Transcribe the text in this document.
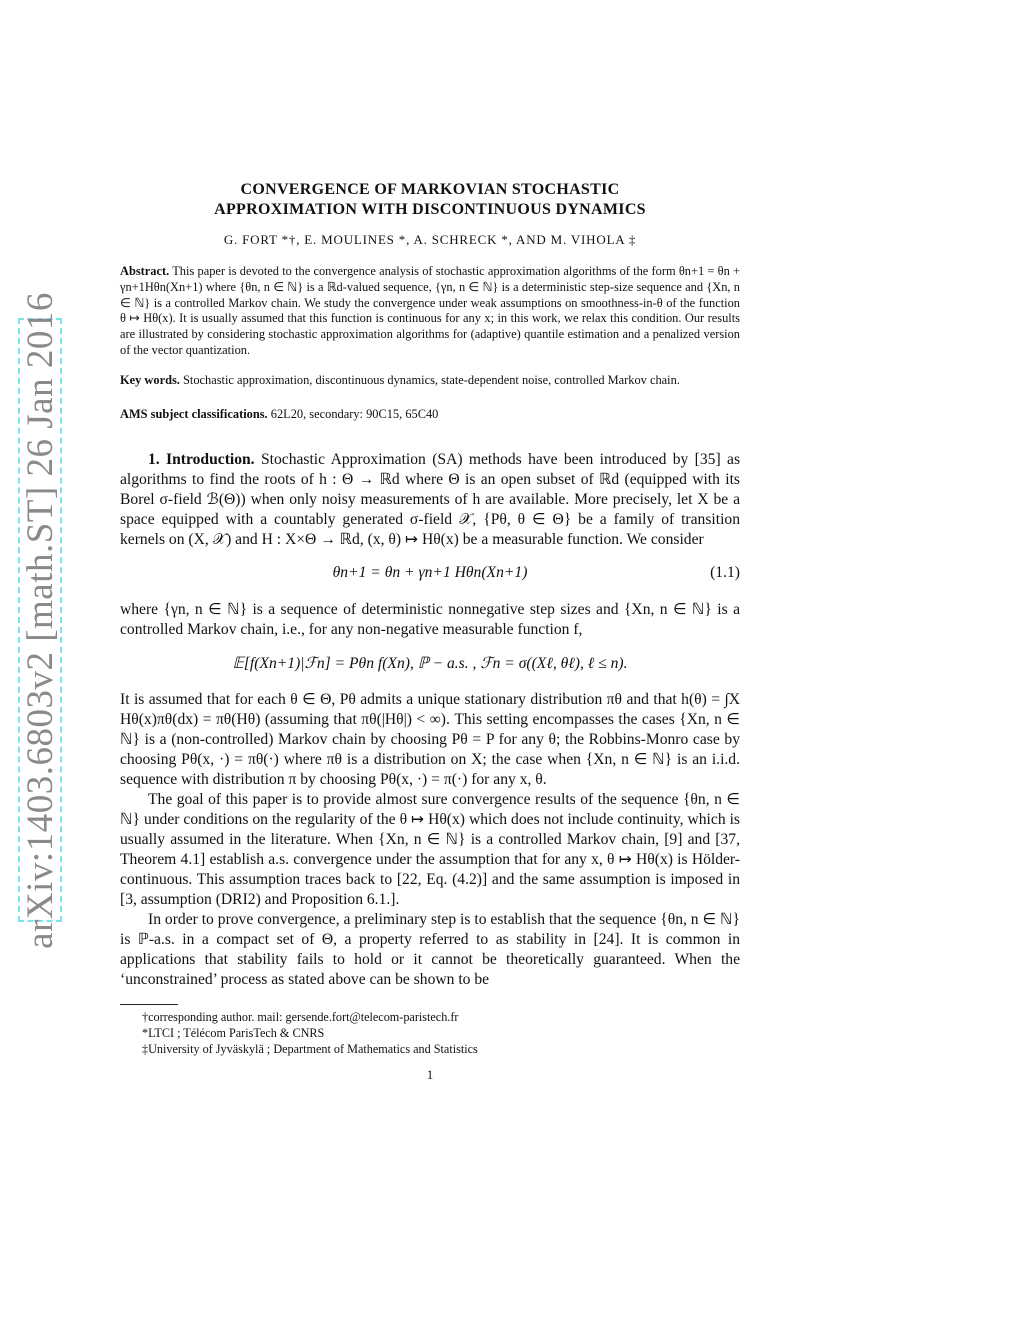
arXiv:1403.6803v2 [math.ST] 26 Jan 2016
CONVERGENCE OF MARKOVIAN STOCHASTIC
APPROXIMATION WITH DISCONTINUOUS DYNAMICS
G. FORT *†, E. MOULINES *, A. SCHRECK *, AND M. VIHOLA ‡
Abstract. This paper is devoted to the convergence analysis of stochastic approximation algorithms of the form θn+1 = θn + γn+1Hθn(Xn+1) where {θn, n ∈ ℕ} is a ℝd-valued sequence, {γn, n ∈ ℕ} is a deterministic step-size sequence and {Xn, n ∈ ℕ} is a controlled Markov chain. We study the convergence under weak assumptions on smoothness-in-θ of the function θ ↦ Hθ(x). It is usually assumed that this function is continuous for any x; in this work, we relax this condition. Our results are illustrated by considering stochastic approximation algorithms for (adaptive) quantile estimation and a penalized version of the vector quantization.
Key words. Stochastic approximation, discontinuous dynamics, state-dependent noise, controlled Markov chain.
AMS subject classifications. 62L20, secondary: 90C15, 65C40
1. Introduction. Stochastic Approximation (SA) methods have been introduced by [35] as algorithms to find the roots of h : Θ → ℝd where Θ is an open subset of ℝd (equipped with its Borel σ-field ℬ(Θ)) when only noisy measurements of h are available. More precisely, let X be a space equipped with a countably generated σ-field 𝒳, {Pθ, θ ∈ Θ} be a family of transition kernels on (X, 𝒳) and H : X×Θ → ℝd, (x, θ) ↦ Hθ(x) be a measurable function. We consider
θn+1 = θn + γn+1 Hθn(Xn+1)	(1.1)
where {γn, n ∈ ℕ} is a sequence of deterministic nonnegative step sizes and {Xn, n ∈ ℕ} is a controlled Markov chain, i.e., for any non-negative measurable function f,
𝔼[f(Xn+1)|ℱn] = Pθn f(Xn), ℙ − a.s. , ℱn = σ((Xℓ, θℓ), ℓ ≤ n).
It is assumed that for each θ ∈ Θ, Pθ admits a unique stationary distribution πθ and that h(θ) = ∫X Hθ(x)πθ(dx) = πθ(Hθ) (assuming that πθ(|Hθ|) < ∞). This setting encompasses the cases {Xn, n ∈ ℕ} is a (non-controlled) Markov chain by choosing Pθ = P for any θ; the Robbins-Monro case by choosing Pθ(x, ·) = πθ(·) where πθ is a distribution on X; the case when {Xn, n ∈ ℕ} is an i.i.d. sequence with distribution π by choosing Pθ(x, ·) = π(·) for any x, θ.
The goal of this paper is to provide almost sure convergence results of the sequence {θn, n ∈ ℕ} under conditions on the regularity of the θ ↦ Hθ(x) which does not include continuity, which is usually assumed in the literature. When {Xn, n ∈ ℕ} is a controlled Markov chain, [9] and [37, Theorem 4.1] establish a.s. convergence under the assumption that for any x, θ ↦ Hθ(x) is Hölder-continuous. This assumption traces back to [22, Eq. (4.2)] and the same assumption is imposed in [3, assumption (DRI2) and Proposition 6.1.].
In order to prove convergence, a preliminary step is to establish that the sequence {θn, n ∈ ℕ} is ℙ-a.s. in a compact set of Θ, a property referred to as stability in [24]. It is common in applications that stability fails to hold or it cannot be theoretically guaranteed. When the ‘unconstrained’ process as stated above can be shown to be
†corresponding author. mail: gersende.fort@telecom-paristech.fr
*LTCI ; Télécom ParisTech & CNRS
‡University of Jyväskylä ; Department of Mathematics and Statistics
1
